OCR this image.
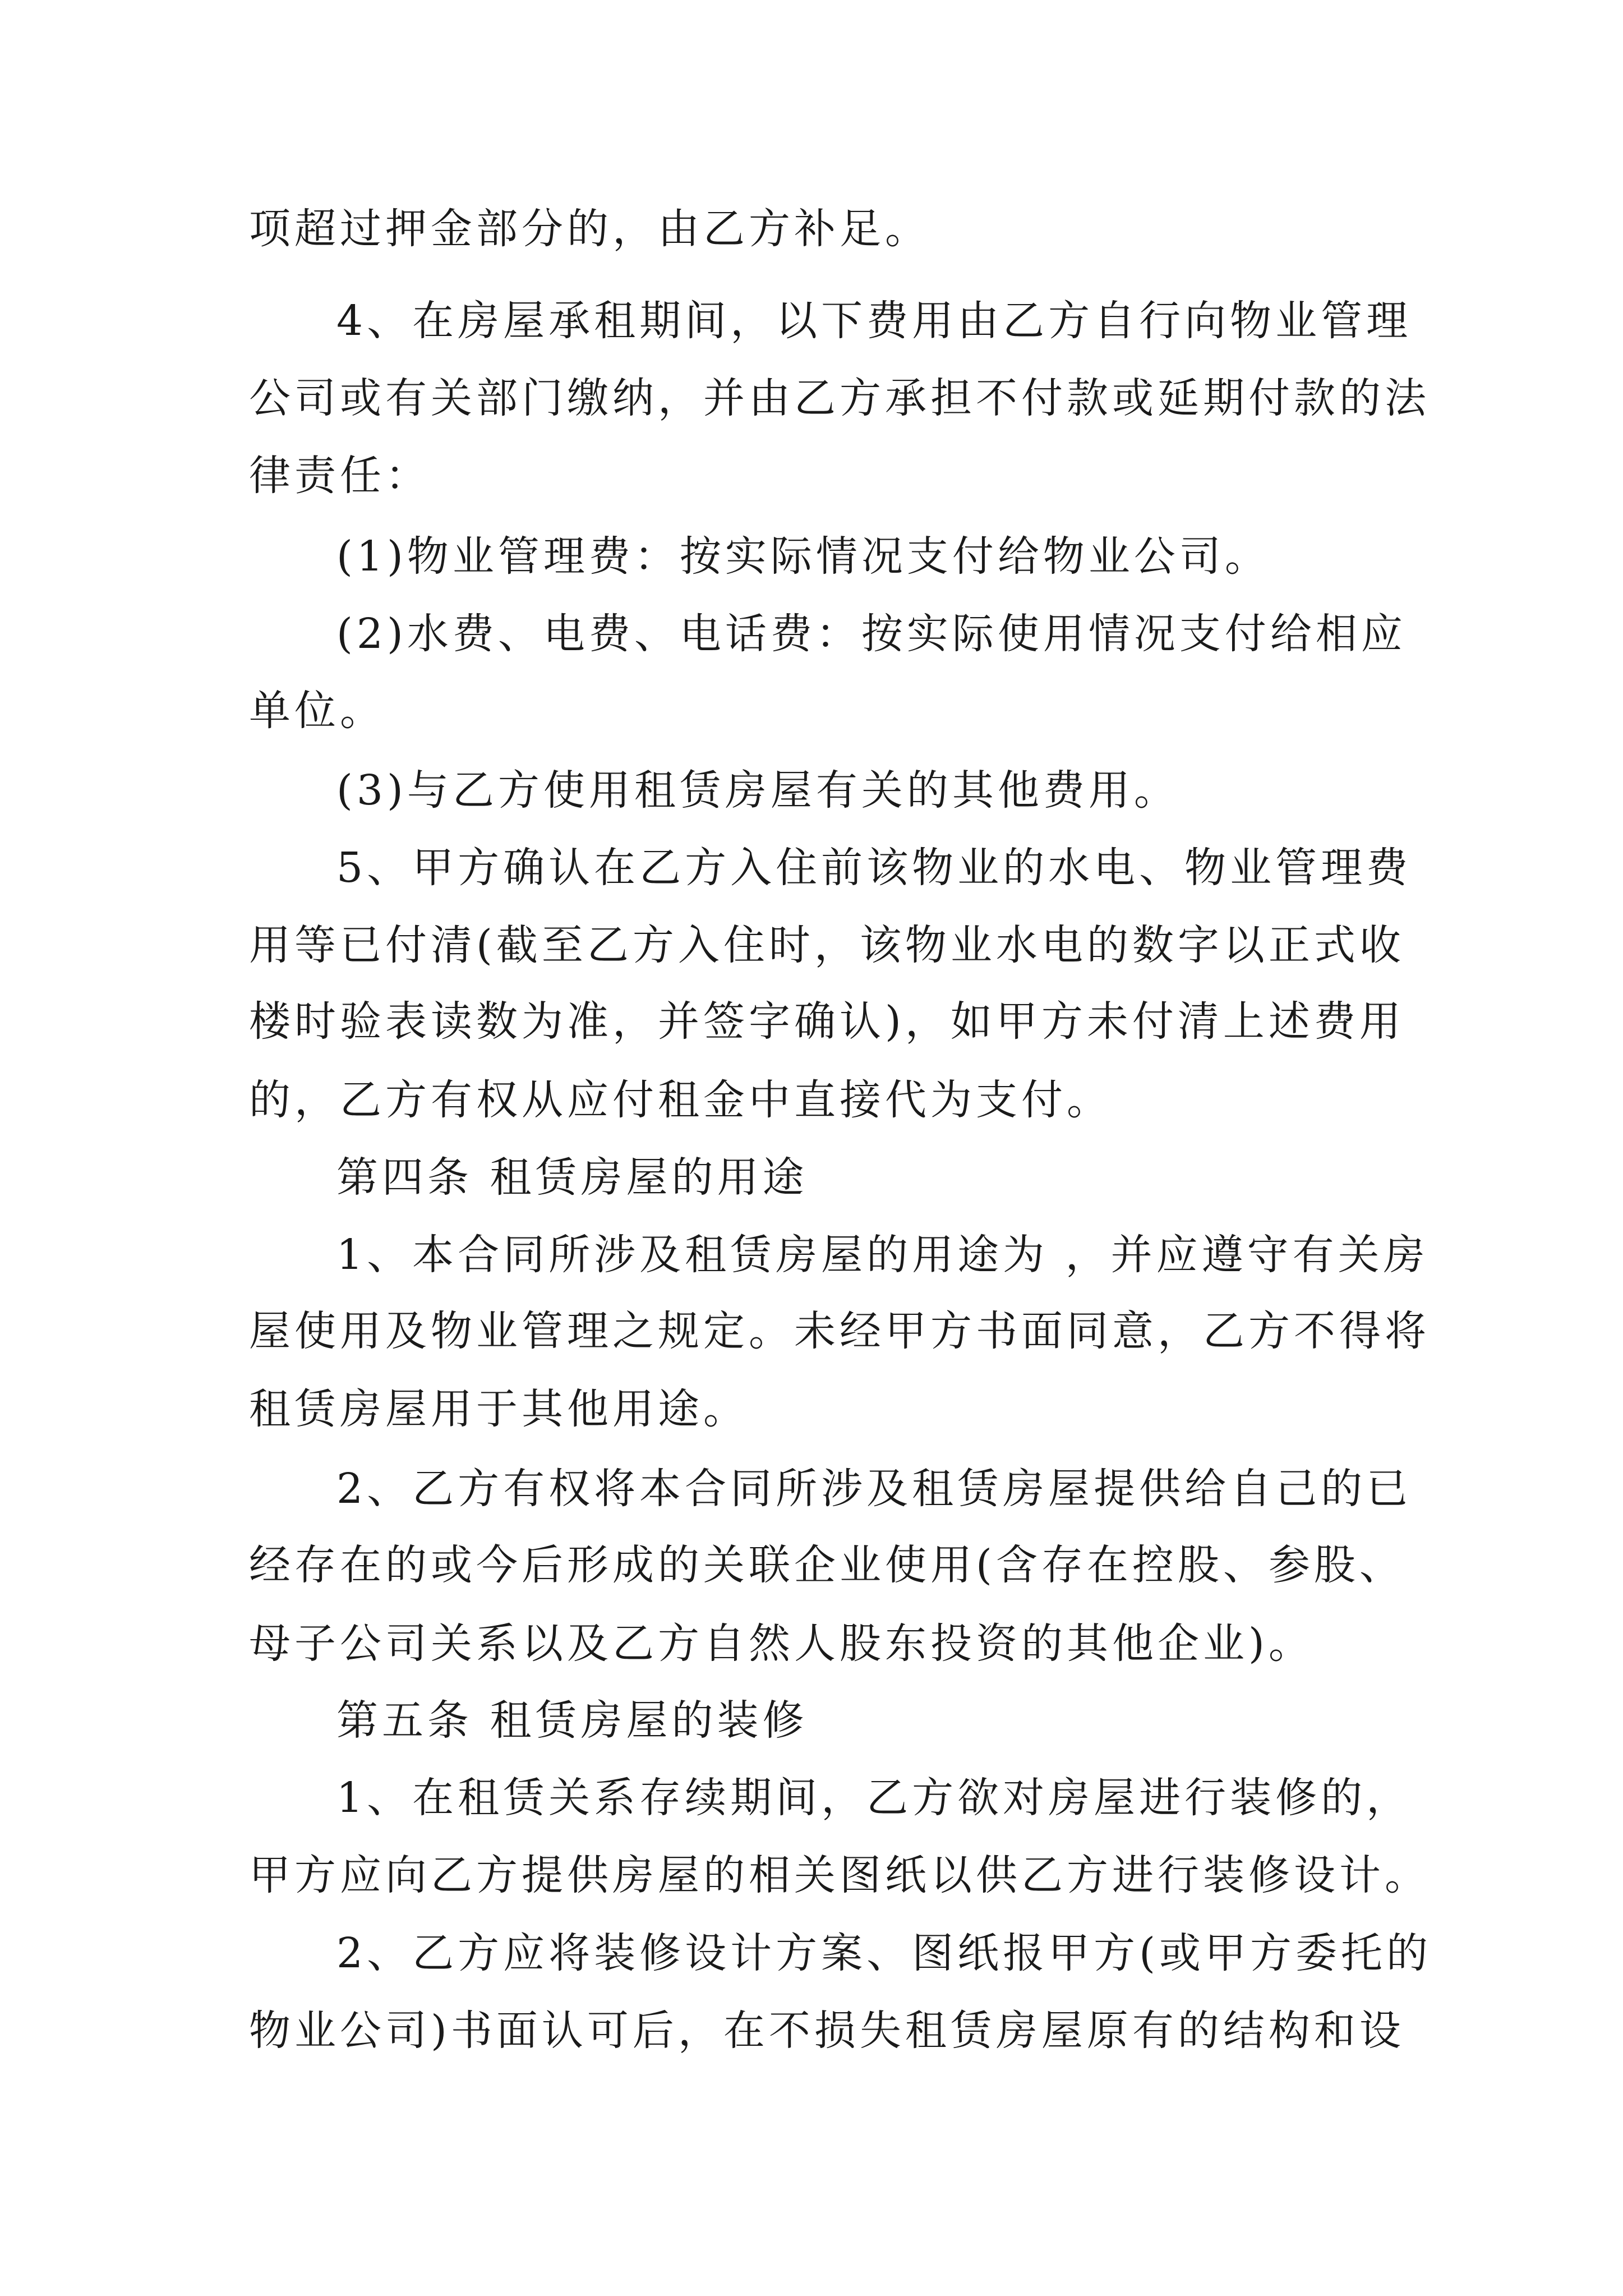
项超过押金部分的，由乙方补足。
4、在房屋承租期间，以下费用由乙方自行向物业管理
公司或有关部门缴纳，并由乙方承担不付款或延期付款的法
律责任：
(1)物业管理费：按实际情况支付给物业公司。
(2)水费、电费、电话费：按实际使用情况支付给相应
单位。
(3)与乙方使用租赁房屋有关的其他费用。
5、甲方确认在乙方入住前该物业的水电、物业管理费
用等已付清(截至乙方入住时，该物业水电的数字以正式收
楼时验表读数为准，并签字确认)，如甲方未付清上述费用
的，乙方有权从应付租金中直接代为支付。
第四条 租赁房屋的用途
1、本合同所涉及租赁房屋的用途为 ，并应遵守有关房
屋使用及物业管理之规定。未经甲方书面同意，乙方不得将
租赁房屋用于其他用途。
2、乙方有权将本合同所涉及租赁房屋提供给自己的已
经存在的或今后形成的关联企业使用(含存在控股、参股、
母子公司关系以及乙方自然人股东投资的其他企业)。
第五条 租赁房屋的装修
1、在租赁关系存续期间，乙方欲对房屋进行装修的，
甲方应向乙方提供房屋的相关图纸以供乙方进行装修设计。
2、乙方应将装修设计方案、图纸报甲方(或甲方委托的
物业公司)书面认可后，在不损失租赁房屋原有的结构和设
